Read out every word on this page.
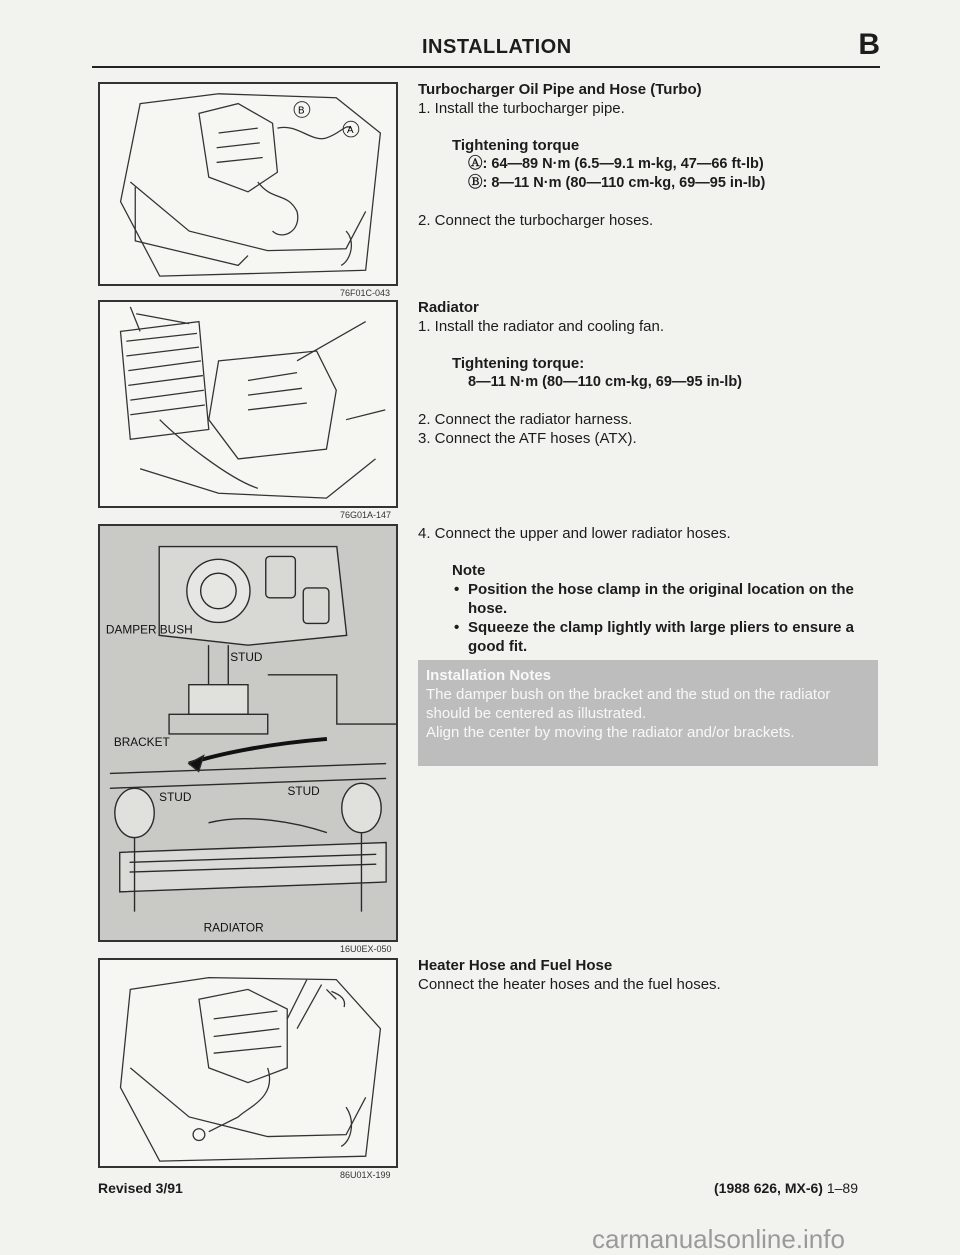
INSTALLATION	B
B
A
76F01C-043
76G01A-147
DAMPER BUSH
STUD
BRACKET
STUD	STUD
RADIATOR
16U0EX-050
86U01X-199
Turbocharger Oil Pipe and Hose (Turbo)
1. Install the turbocharger pipe.
Tightening torque
Ⓐ: 64—89 N·m (6.5—9.1 m-kg, 47—66 ft-lb)
Ⓑ: 8—11 N·m (80—110 cm-kg, 69—95 in-lb)
2. Connect the turbocharger hoses.
Radiator
1. Install the radiator and cooling fan.
Tightening torque:
8—11 N·m (80—110 cm-kg, 69—95 in-lb)
2. Connect the radiator harness.
3. Connect the ATF hoses (ATX).
4. Connect the upper and lower radiator hoses.
Note
• Position the hose clamp in the original location on the hose.
• Squeeze the clamp lightly with large pliers to ensure a good fit.
Installation Notes
The damper bush on the bracket and the stud on the radiator should be centered as illustrated.
Align the center by moving the radiator and/or brackets.
Heater Hose and Fuel Hose
Connect the heater hoses and the fuel hoses.
Revised 3/91	(1988 626, MX-6) 1–89
carmanualsonline.info
